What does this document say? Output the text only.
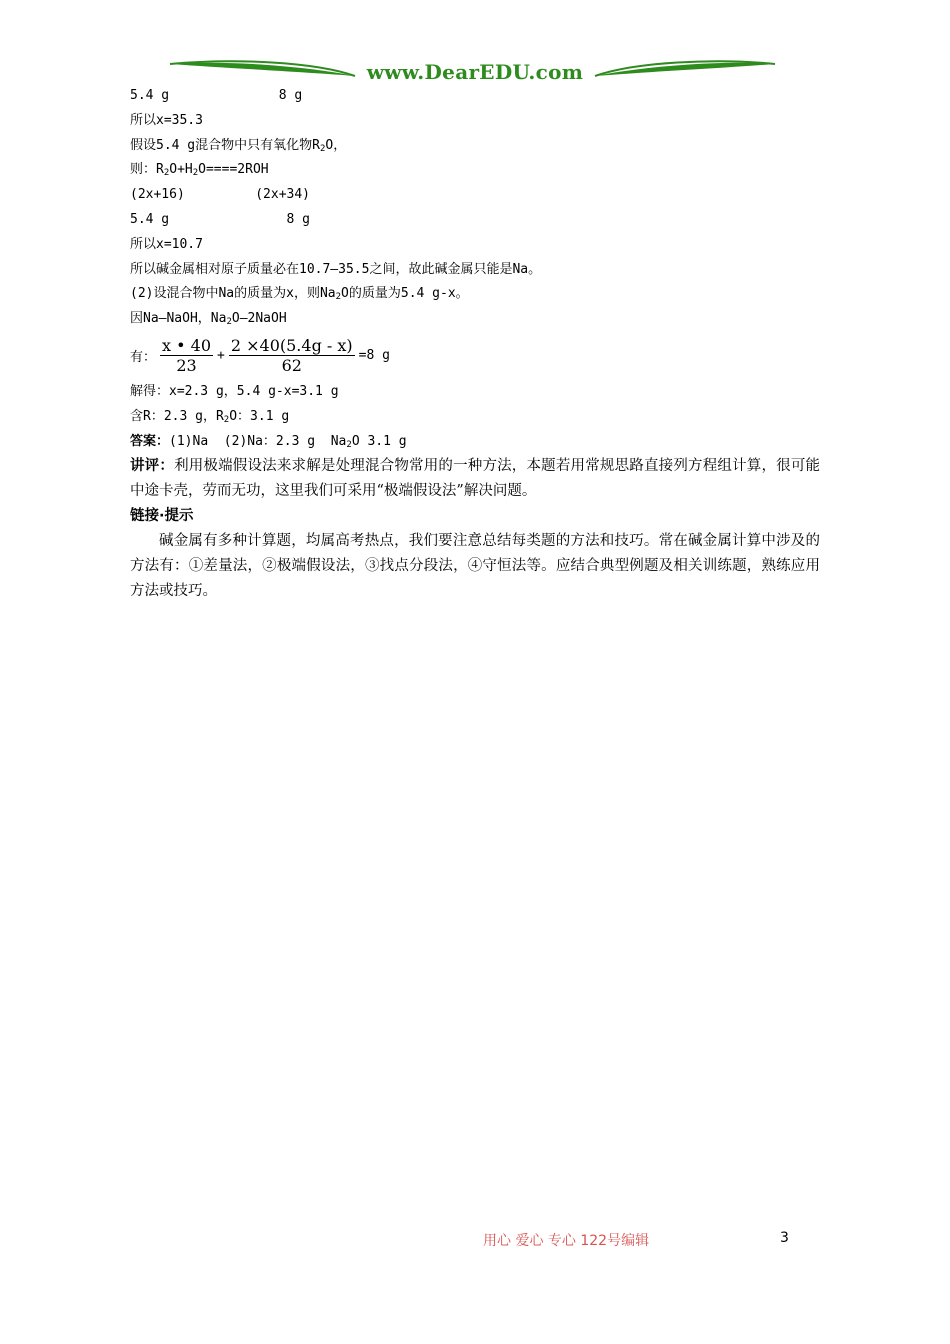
www.DearEDU.com
5.4 g              8 g
所以x=35.3
假设5.4 g混合物中只有氧化物$R_2O$，
则：$R_2O+H_2O====2ROH$
(2x+16)         (2x+34)
5.4 g               8 g
所以x=10.7
所以碱金属相对原子质量必在10.7—35.5之间，故此碱金属只能是Na。
(2)设混合物中Na的质量为x，则$Na_2O$的质量为5.4 g-x。
因Na—NaOH，$Na_2O—2NaOH$
有： $\frac{x • 40}{23} + \frac{2 \times 40(5.4g - x)}{62} =8$ g
解得：x=2.3 g，5.4 g-x=3.1 g
含R：2.3 g，$R_2O$：3.1 g
答案：(1)Na  (2)Na：2.3 g  $Na_2O$ 3.1 g
讲评：利用极端假设法来求解是处理混合物常用的一种方法，本题若用常规思路直接列方程组计算，很可能中途卡壳，劳而无功，这里我们可采用“极端假设法”解决问题。
链接·提示
碱金属有多种计算题，均属高考热点，我们要注意总结每类题的方法和技巧。常在碱金属计算中涉及的方法有：①差量法，②极端假设法，③找点分段法，④守恒法等。应结合典型例题及相关训练题，熟练应用方法或技巧。
用心 爱心 专心 122号编辑	3
